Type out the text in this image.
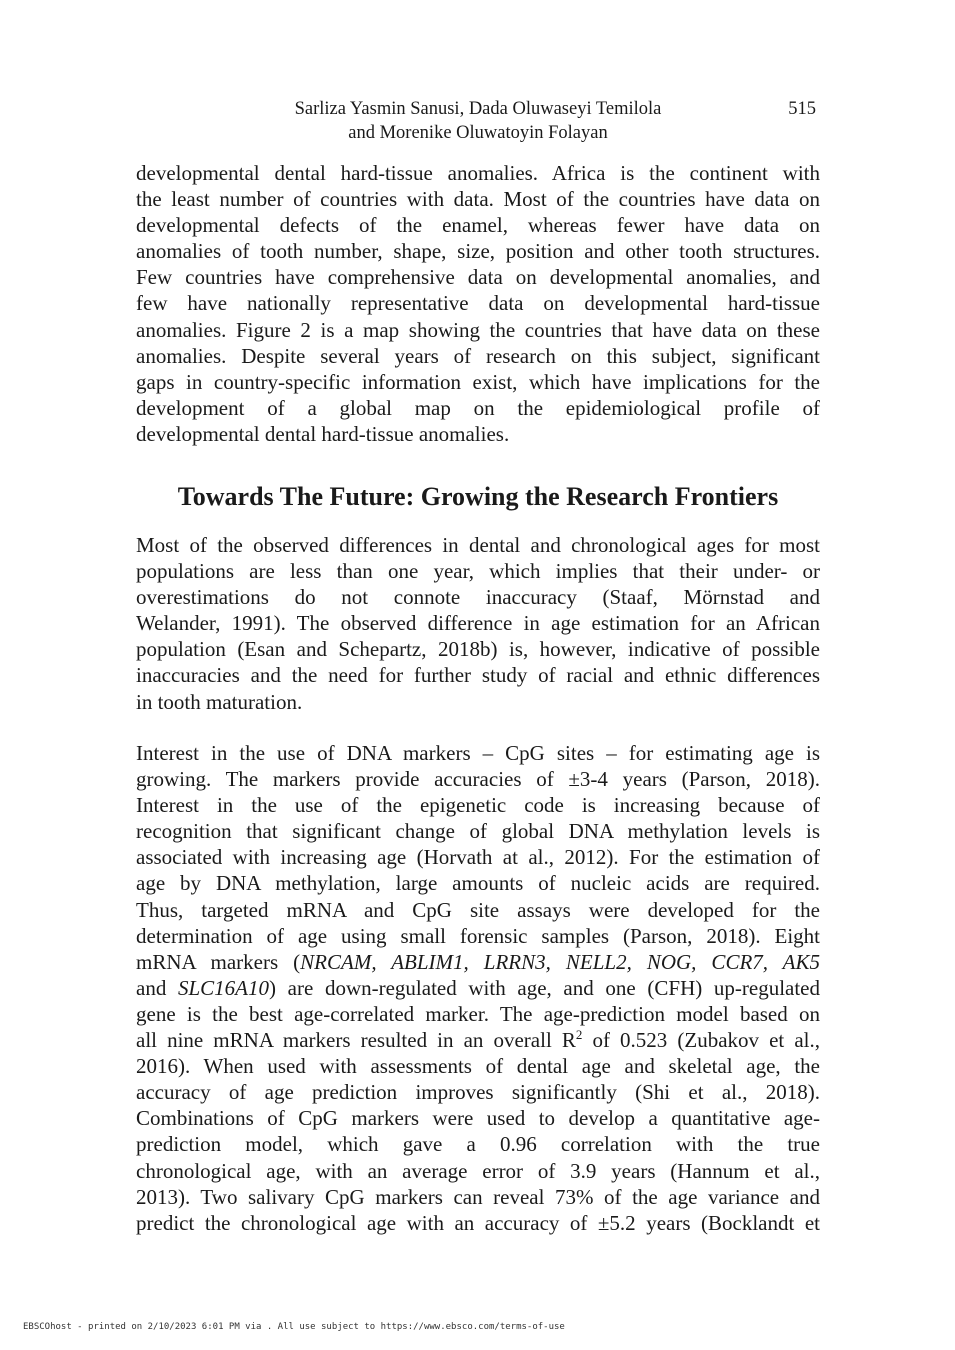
Sarliza Yasmin Sanusi, Dada Oluwaseyi Temilola
and Morenike Oluwatoyin Folayan
515
developmental dental hard-tissue anomalies. Africa is the continent with
the least number of countries with data. Most of the countries have data on
developmental defects of the enamel, whereas fewer have data on
anomalies of tooth number, shape, size, position and other tooth structures.
Few countries have comprehensive data on developmental anomalies, and
few have nationally representative data on developmental hard-tissue
anomalies. Figure 2 is a map showing the countries that have data on these
anomalies. Despite several years of research on this subject, significant
gaps in country-specific information exist, which have implications for the
development of a global map on the epidemiological profile of
developmental dental hard-tissue anomalies.
Towards The Future: Growing the Research Frontiers
Most of the observed differences in dental and chronological ages for most
populations are less than one year, which implies that their under- or
overestimations do not connote inaccuracy (Staaf, Mörnstad and
Welander, 1991). The observed difference in age estimation for an African
population (Esan and Schepartz, 2018b) is, however, indicative of possible
inaccuracies and the need for further study of racial and ethnic differences
in tooth maturation.
Interest in the use of DNA markers – CpG sites – for estimating age is
growing. The markers provide accuracies of ±3-4 years (Parson, 2018).
Interest in the use of the epigenetic code is increasing because of
recognition that significant change of global DNA methylation levels is
associated with increasing age (Horvath at al., 2012). For the estimation of
age by DNA methylation, large amounts of nucleic acids are required.
Thus, targeted mRNA and CpG site assays were developed for the
determination of age using small forensic samples (Parson, 2018). Eight
mRNA markers (NRCAM, ABLIM1, LRRN3, NELL2, NOG, CCR7, AK5
and SLC16A10) are down-regulated with age, and one (CFH) up-regulated
gene is the best age-correlated marker. The age-prediction model based on
all nine mRNA markers resulted in an overall $R^2$ of 0.523 (Zubakov et al.,
2016). When used with assessments of dental age and skeletal age, the
accuracy of age prediction improves significantly (Shi et al., 2018).
Combinations of CpG markers were used to develop a quantitative age-
prediction model, which gave a 0.96 correlation with the true
chronological age, with an average error of 3.9 years (Hannum et al.,
2013). Two salivary CpG markers can reveal 73% of the age variance and
predict the chronological age with an accuracy of ±5.2 years (Bocklandt et
EBSCOhost - printed on 2/10/2023 6:01 PM via . All use subject to https://www.ebsco.com/terms-of-use
